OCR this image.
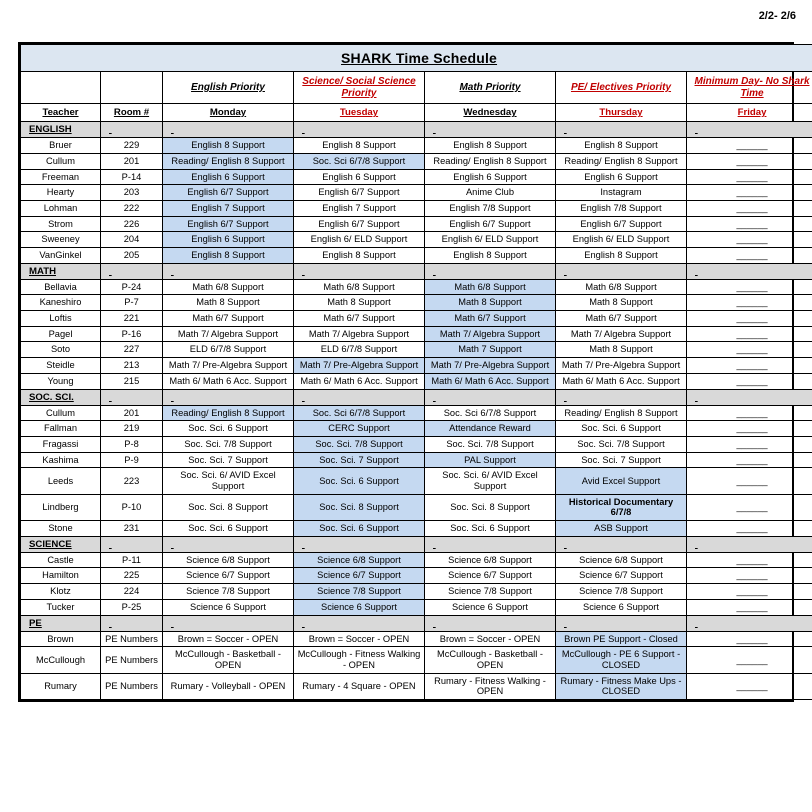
2/2- 2/6
SHARK Time Schedule						
		English Priority	Science/ Social Science Priority	Math Priority	PE/ Electives Priority	Minimum Day- No Shark Time
Teacher	Room #	Monday	Tuesday	Wednesday	Thursday	Friday
ENGLISH						
Bruer	229	English 8 Support	English 8 Support	English 8 Support	English 8 Support	______
Cullum	201	Reading/ English 8 Support	Soc. Sci 6/7/8 Support	Reading/ English 8 Support	Reading/ English 8 Support	______
Freeman	P-14	English 6 Support	English 6 Support	English 6 Support	English 6 Support	______
Hearty	203	English 6/7 Support	English 6/7 Support	Anime Club	Instagram	______
Lohman	222	English 7 Support	English 7 Support	English 7/8 Support	English 7/8 Support	______
Strom	226	English 6/7 Support	English 6/7 Support	English 6/7 Support	English 6/7 Support	______
Sweeney	204	English 6 Support	English 6/ ELD Support	English 6/ ELD Support	English 6/ ELD Support	______
VanGinkel	205	English 8 Support	English 8 Support	English 8 Support	English 8 Support	______
MATH						
Bellavia	P-24	Math 6/8 Support	Math 6/8 Support	Math 6/8 Support	Math 6/8 Support	______
Kaneshiro	P-7	Math 8 Support	Math 8 Support	Math 8 Support	Math 8 Support	______
Loftis	221	Math 6/7 Support	Math 6/7 Support	Math 6/7 Support	Math 6/7 Support	______
Pagel	P-16	Math 7/ Algebra Support	Math 7/ Algebra Support	Math 7/ Algebra Support	Math 7/ Algebra Support	______
Soto	227	ELD 6/7/8 Support	ELD 6/7/8 Support	Math 7 Support	Math 8 Support	______
Steidle	213	Math 7/ Pre-Algebra Support	Math 7/ Pre-Algebra Support	Math 7/ Pre-Algebra Support	Math 7/ Pre-Algebra Support	______
Young	215	Math 6/ Math 6 Acc. Support	Math 6/ Math 6 Acc. Support	Math 6/ Math 6 Acc. Support	Math 6/ Math 6 Acc. Support	______
SOC. SCI.						
Cullum	201	Reading/ English 8 Support	Soc. Sci 6/7/8 Support	Soc. Sci 6/7/8 Support	Reading/ English 8 Support	______
Fallman	219	Soc. Sci. 6 Support	CERC Support	Attendance Reward	Soc. Sci. 6 Support	______
Fragassi	P-8	Soc. Sci. 7/8 Support	Soc. Sci. 7/8 Support	Soc. Sci. 7/8 Support	Soc. Sci. 7/8 Support	______
Kashima	P-9	Soc. Sci. 7 Support	Soc. Sci. 7 Support	PAL Support	Soc. Sci. 7 Support	______
Leeds	223	Soc. Sci. 6/ AVID Excel Support	Soc. Sci. 6 Support	Soc. Sci. 6/ AVID Excel Support	Avid Excel Support	______
Lindberg	P-10	Soc. Sci. 8 Support	Soc. Sci. 8 Support	Soc. Sci. 8 Support	Historical Documentary 6/7/8	______
Stone	231	Soc. Sci. 6 Support	Soc. Sci. 6 Support	Soc. Sci. 6 Support	ASB Support	______
SCIENCE						
Castle	P-11	Science 6/8 Support	Science 6/8 Support	Science 6/8 Support	Science 6/8 Support	______
Hamilton	225	Science 6/7 Support	Science 6/7 Support	Science 6/7 Support	Science 6/7 Support	______
Klotz	224	Science 7/8 Support	Science 7/8 Support	Science 7/8 Support	Science 7/8 Support	______
Tucker	P-25	Science 6 Support	Science 6 Support	Science 6 Support	Science 6 Support	______
PE						
Brown	PE Numbers	Brown = Soccer - OPEN	Brown = Soccer - OPEN	Brown = Soccer - OPEN	Brown PE Support - Closed	______
McCullough	PE Numbers	McCullough - Basketball - OPEN	McCullough - Fitness Walking - OPEN	McCullough - Basketball - OPEN	McCullough - PE 6 Support - CLOSED	______
Rumary	PE Numbers	Rumary - Volleyball - OPEN	Rumary - 4 Square - OPEN	Rumary - Fitness Walking - OPEN	Rumary - Fitness Make Ups - CLOSED	______
